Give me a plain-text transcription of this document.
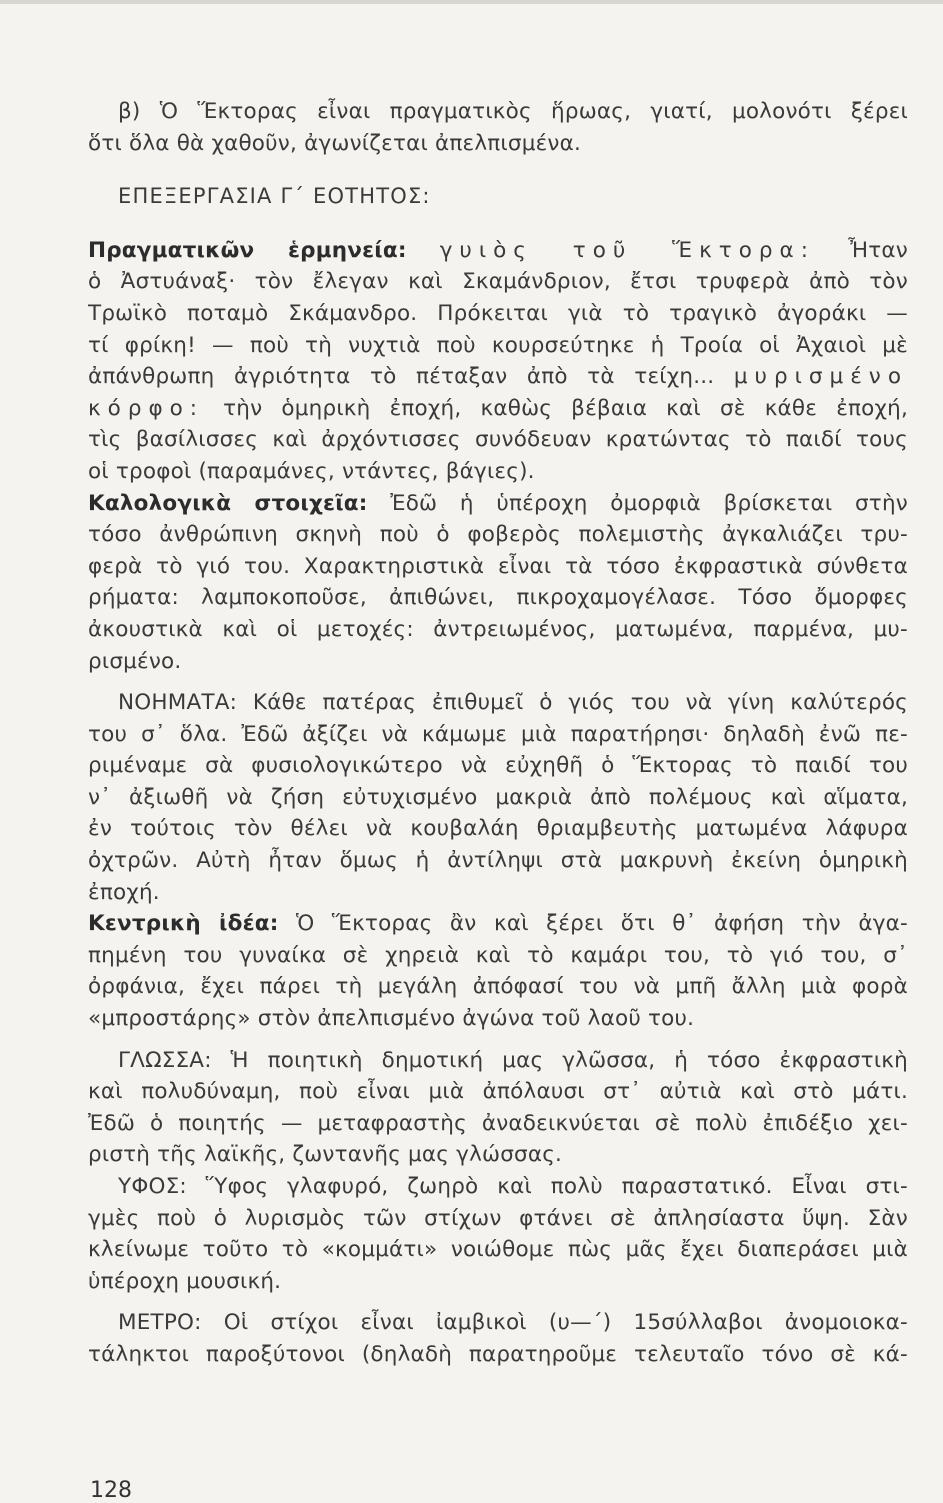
β) Ὁ Ἕκτορας εἶναι πραγματικὸς ἥρωας, γιατί, μολονότι ξέρει
ὅτι ὅλα θὰ χαθοῦν, ἀγωνίζεται ἀπελπισμένα.
ΕΠΕΞΕΡΓΑΣΙΑ Γ΄ ΕΟΤΗΤΟΣ:
Πραγματικῶν ἑρμηνεία: γυιὸς τοῦ Ἕκτορα: Ἦταν
ὁ Ἀστυάναξ· τὸν ἔλεγαν καὶ Σκαμάνδριον, ἔτσι τρυφερὰ ἀπὸ τὸν
Τρωϊκὸ ποταμὸ Σκάμανδρο. Πρόκειται γιὰ τὸ τραγικὸ ἀγοράκι —
τί φρίκη! — ποὺ τὴ νυχτιὰ ποὺ κουρσεύτηκε ἡ Τροία οἱ Ἀχαιοὶ μὲ
ἀπάνθρωπη ἀγριότητα τὸ πέταξαν ἀπὸ τὰ τείχη... μυρισμένο
κόρφο: τὴν ὁμηρικὴ ἐποχή, καθὼς βέβαια καὶ σὲ κάθε ἐποχή,
τὶς βασίλισσες καὶ ἀρχόντισσες συνόδευαν κρατώντας τὸ παιδί τους
οἱ τροφοὶ (παραμάνες, ντάντες, βάγιες).
Καλολογικὰ στοιχεῖα: Ἐδῶ ἡ ὑπέροχη ὀμορφιὰ βρίσκεται στὴν
τόσο ἀνθρώπινη σκηνὴ ποὺ ὁ φοβερὸς πολεμιστὴς ἀγκαλιάζει τρυ-
φερὰ τὸ γιό του. Χαρακτηριστικὰ εἶναι τὰ τόσο ἐκφραστικὰ σύνθετα
ρήματα: λαμποκοποῦσε, ἀπιθώνει, πικροχαμογέλασε. Τόσο ὄμορφες
ἀκουστικὰ καὶ οἱ μετοχές: ἀντρειωμένος, ματωμένα, παρμένα, μυ-
ρισμένο.
ΝΟΗΜΑΤΑ: Κάθε πατέρας ἐπιθυμεῖ ὁ γιός του νὰ γίνη καλύτερός
του σ᾽ ὅλα. Ἐδῶ ἀξίζει νὰ κάμωμε μιὰ παρατήρησι· δηλαδὴ ἐνῶ πε-
ριμέναμε σὰ φυσιολογικώτερο νὰ εὐχηθῆ ὁ Ἕκτορας τὸ παιδί του
ν᾽ ἀξιωθῆ νὰ ζήση εὐτυχισμένο μακριὰ ἀπὸ πολέμους καὶ αἵματα,
ἐν τούτοις τὸν θέλει νὰ κουβαλάη θριαμβευτὴς ματωμένα λάφυρα
ὀχτρῶν. Αὐτὴ ἦταν ὅμως ἡ ἀντίληψι στὰ μακρυνὴ ἐκείνη ὁμηρικὴ
ἐποχή.
Κεντρικὴ ἰδέα: Ὁ Ἕκτορας ἂν καὶ ξέρει ὅτι θ᾽ ἀφήση τὴν ἀγα-
πημένη του γυναίκα σὲ χηρειὰ καὶ τὸ καμάρι του, τὸ γιό του, σ᾽
ὀρφάνια, ἔχει πάρει τὴ μεγάλη ἀπόφασί του νὰ μπῆ ἄλλη μιὰ φορὰ
«μπροστάρης» στὸν ἀπελπισμένο ἀγώνα τοῦ λαοῦ του.
ΓΛΩΣΣΑ: Ἡ ποιητικὴ δημοτική μας γλῶσσα, ἡ τόσο ἐκφραστικὴ
καὶ πολυδύναμη, ποὺ εἶναι μιὰ ἀπόλαυσι στ᾽ αὐτιὰ καὶ στὸ μάτι.
Ἐδῶ ὁ ποιητής — μεταφραστὴς ἀναδεικνύεται σὲ πολὺ ἐπιδέξιο χει-
ριστὴ τῆς λαϊκῆς, ζωντανῆς μας γλώσσας.
ΥΦΟΣ: Ὕφος γλαφυρό, ζωηρὸ καὶ πολὺ παραστατικό. Εἶναι στι-
γμὲς ποὺ ὁ λυρισμὸς τῶν στίχων φτάνει σὲ ἀπλησίαστα ὕψη. Σὰν
κλείνωμε τοῦτο τὸ «κομμάτι» νοιώθομε πὼς μᾶς ἔχει διαπεράσει μιὰ
ὑπέροχη μουσική.
ΜΕΤΡΟ: Οἱ στίχοι εἶναι ἰαμβικοὶ (υ—´) 15σύλλαβοι ἀνομοιοκα-
τάληκτοι παροξύτονοι (δηλαδὴ παρατηροῦμε τελευταῖο τόνο σὲ κά-
128
